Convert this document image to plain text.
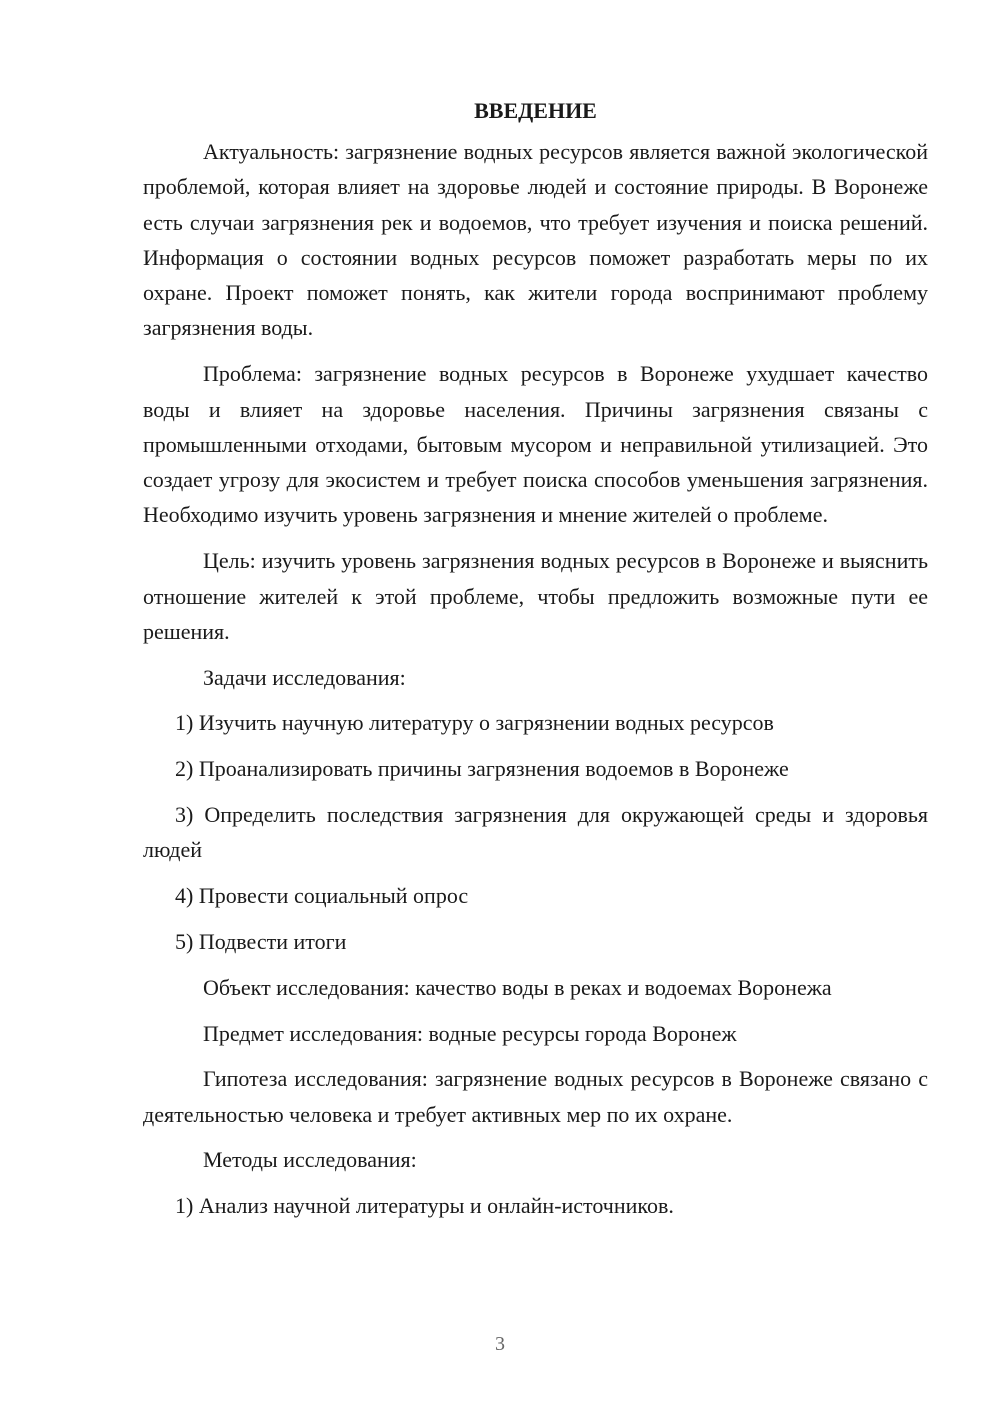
ВВЕДЕНИЕ

Актуальность: загрязнение водных ресурсов является важной экологической проблемой, которая влияет на здоровье людей и состояние природы. В Воронеже есть случаи загрязнения рек и водоемов, что требует изучения и поиска решений. Информация о состоянии водных ресурсов поможет разработать меры по их охране. Проект поможет понять, как жители города воспринимают проблему загрязнения воды.

Проблема: загрязнение водных ресурсов в Воронеже ухудшает качество воды и влияет на здоровье населения. Причины загрязнения связаны с промышленными отходами, бытовым мусором и неправильной утилизацией. Это создает угрозу для экосистем и требует поиска способов уменьшения загрязнения. Необходимо изучить уровень загрязнения и мнение жителей о проблеме.

Цель: изучить уровень загрязнения водных ресурсов в Воронеже и выяснить отношение жителей к этой проблеме, чтобы предложить возможные пути ее решения.

Задачи исследования:

1) Изучить научную литературу о загрязнении водных ресурсов

2) Проанализировать причины загрязнения водоемов в Воронеже

3) Определить последствия загрязнения для окружающей среды и здоровья людей

4) Провести социальный опрос

5) Подвести итоги

Объект исследования: качество воды в реках и водоемах Воронежа

Предмет исследования: водные ресурсы города Воронеж

Гипотеза исследования: загрязнение водных ресурсов в Воронеже связано с деятельностью человека и требует активных мер по их охране.

Методы исследования:

1) Анализ научной литературы и онлайн-источников.

3
